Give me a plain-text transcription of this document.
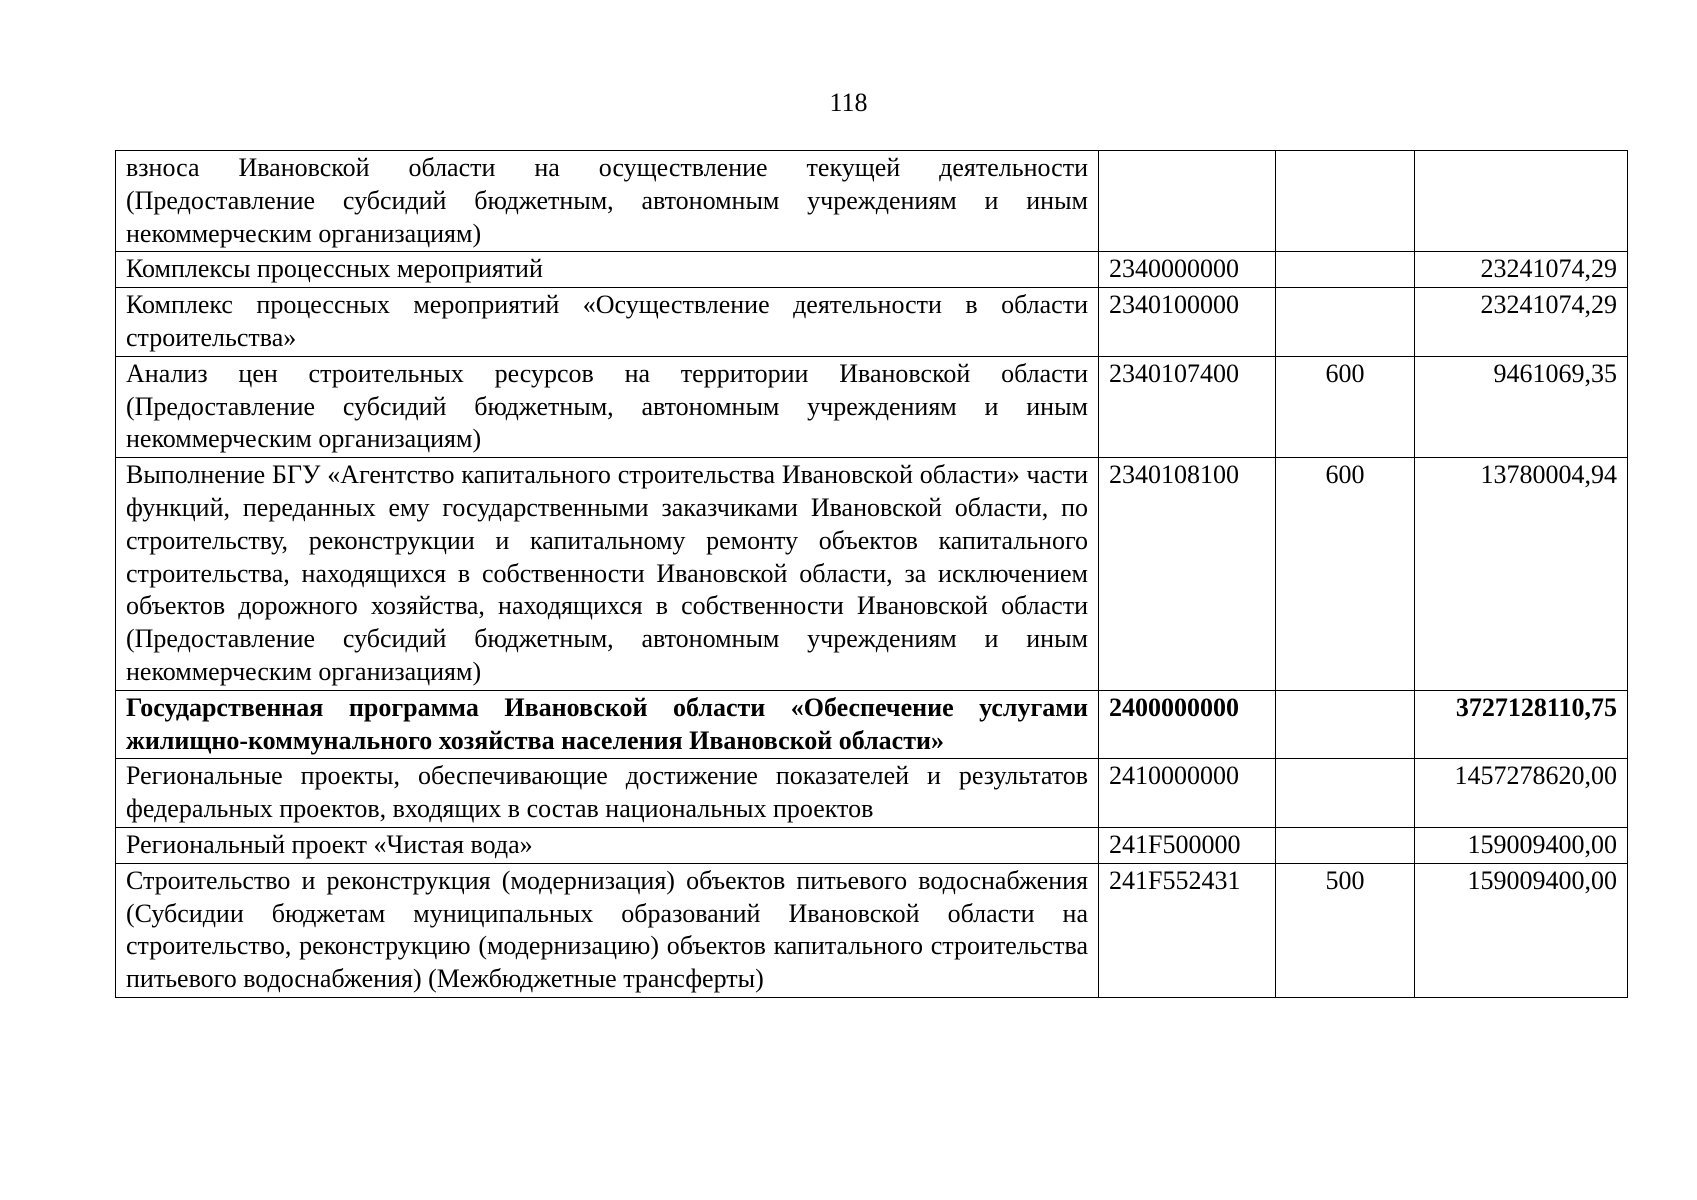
118
взноса Ивановской области на осуществление текущей деятельности (Предоставление субсидий бюджетным, автономным учреждениям и иным некоммерческим организациям)			
Комплексы процессных мероприятий	2340000000		23241074,29
Комплекс процессных мероприятий «Осуществление деятельности в области строительства»	2340100000		23241074,29
Анализ цен строительных ресурсов на территории Ивановской области (Предоставление субсидий бюджетным, автономным учреждениям и иным некоммерческим организациям)	2340107400	600	9461069,35
Выполнение БГУ «Агентство капитального строительства Ивановской области» части функций, переданных ему государственными заказчиками Ивановской области, по строительству, реконструкции и капитальному ремонту объектов капитального строительства, находящихся в собственности Ивановской области, за исключением объектов дорожного хозяйства, находящихся в собственности Ивановской области (Предоставление субсидий бюджетным, автономным учреждениям и иным некоммерческим организациям)	2340108100	600	13780004,94
Государственная программа Ивановской области «Обеспечение услугами жилищно-коммунального хозяйства населения Ивановской области»	2400000000		3727128110,75
Региональные проекты, обеспечивающие достижение показателей и результатов федеральных проектов, входящих в состав национальных проектов	2410000000		1457278620,00
Региональный проект «Чистая вода»	241F500000		159009400,00
Строительство и реконструкция (модернизация) объектов питьевого водоснабжения (Субсидии бюджетам муниципальных образований Ивановской области на строительство, реконструкцию (модернизацию) объектов капитального строительства питьевого водоснабжения) (Межбюджетные трансферты)	241F552431	500	159009400,00
